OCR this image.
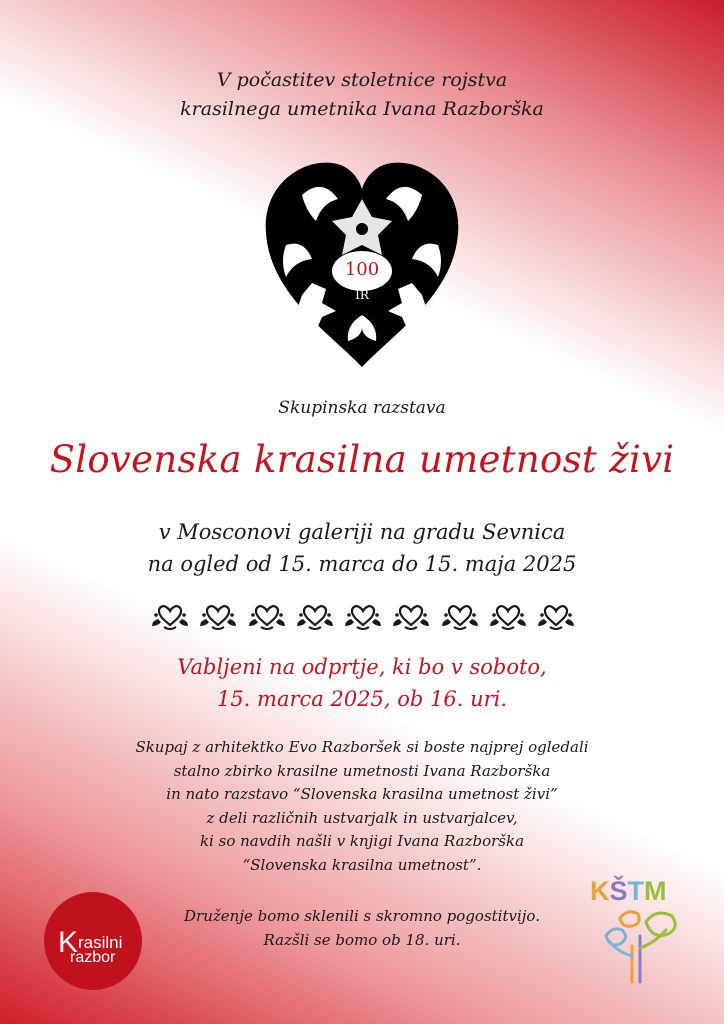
V počastitev stoletnice rojstva
krasilnega umetnika Ivana Razborška
100
IR
Skupinska razstava
Slovenska krasilna umetnost živi
v Mosconovi galeriji na gradu Sevnica
na ogled od 15. marca do 15. maja 2025
Vabljeni na odprtje, ki bo v soboto,
15. marca 2025, ob 16. uri.
Skupaj z arhitektko Evo Razboršek si boste najprej ogledali
stalno zbirko krasilne umetnosti Ivana Razborška
in nato razstavo “Slovenska krasilna umetnost živi”
z deli različnih ustvarjalk in ustvarjalcev,
ki so navdih našli v knjigi Ivana Razborška
“Slovenska krasilna umetnost”.
Druženje bomo sklenili s skromno pogostitvijo.
Razšli se bomo ob 18. uri.
Krasilni
razbor
KŠTM
